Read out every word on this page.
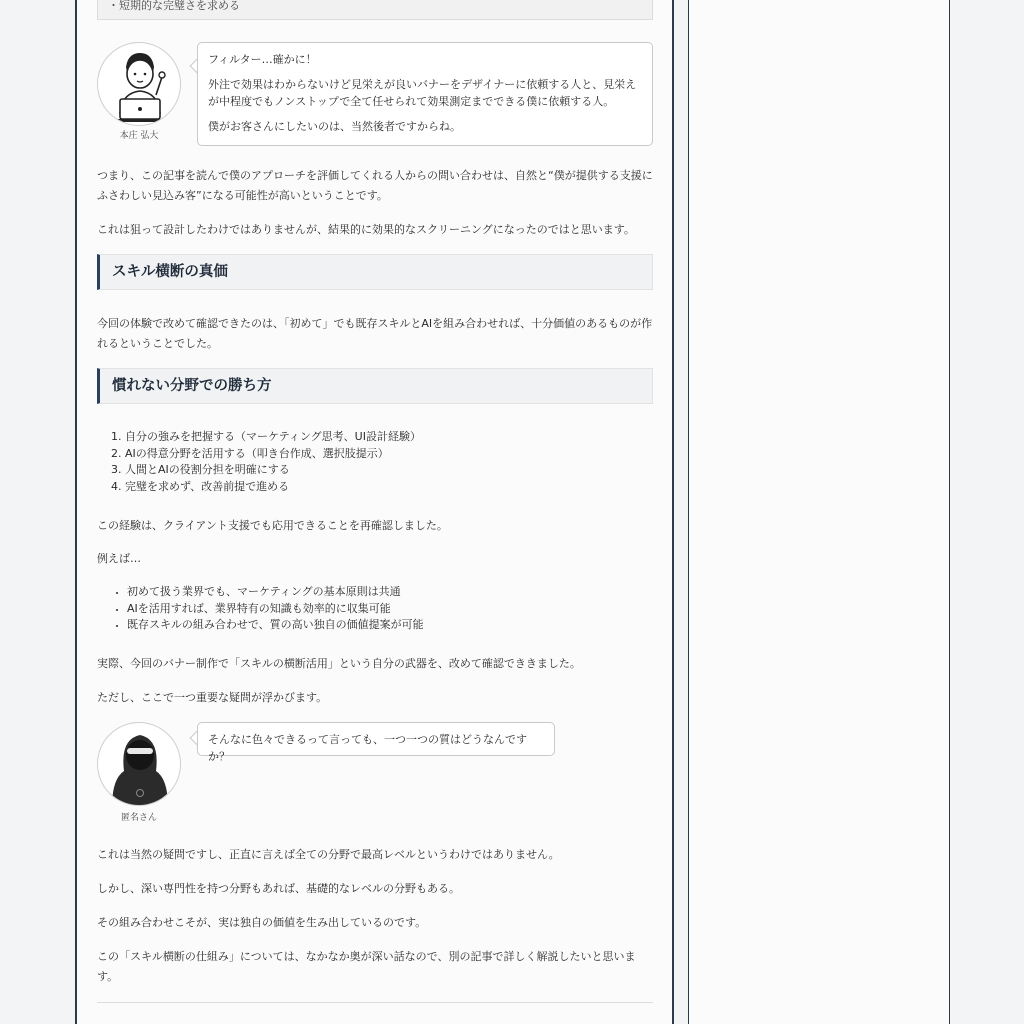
・短期的な完璧さを求める
本庄 弘大

フィルター…確かに！

外注で効果はわからないけど見栄えが良いバナーをデザイナーに依頼する人と、見栄えが中程度でもノンストップで全て任せられて効果測定までできる僕に依頼する人。

僕がお客さんにしたいのは、当然後者ですからね。

つまり、この記事を読んで僕のアプローチを評価してくれる人からの問い合わせは、自然と“僕が提供する支援にふさわしい見込み客”になる可能性が高いということです。

これは狙って設計したわけではありませんが、結果的に効果的なスクリーニングになったのではと思います。

スキル横断の真価

今回の体験で改めて確認できたのは、「初めて」でも既存スキルとAIを組み合わせれば、十分価値のあるものが作れるということでした。

慣れない分野での勝ち方
1. 自分の強みを把握する（マーケティング思考、UI設計経験）
2. AIの得意分野を活用する（叩き台作成、選択肢提示）
3. 人間とAIの役割分担を明確にする
4. 完璧を求めず、改善前提で進める

この経験は、クライアント支援でも応用できることを再確認しました。

例えば…

• 初めて扱う業界でも、マーケティングの基本原則は共通
• AIを活用すれば、業界特有の知識も効率的に収集可能
• 既存スキルの組み合わせで、質の高い独自の価値提案が可能

実際、今回のバナー制作で「スキルの横断活用」という自分の武器を、改めて確認でききました。

ただし、ここで一つ重要な疑問が浮かびます。

匿名さん

そんなに色々できるって言っても、一つ一つの質はどうなんですか？

これは当然の疑問ですし、正直に言えば全ての分野で最高レベルというわけではありません。

しかし、深い専門性を持つ分野もあれば、基礎的なレベルの分野もある。

その組み合わせこそが、実は独自の価値を生み出しているのです。

この「スキル横断の仕組み」については、なかなか奥が深い話なので、別の記事で詳しく解説したいと思います。
